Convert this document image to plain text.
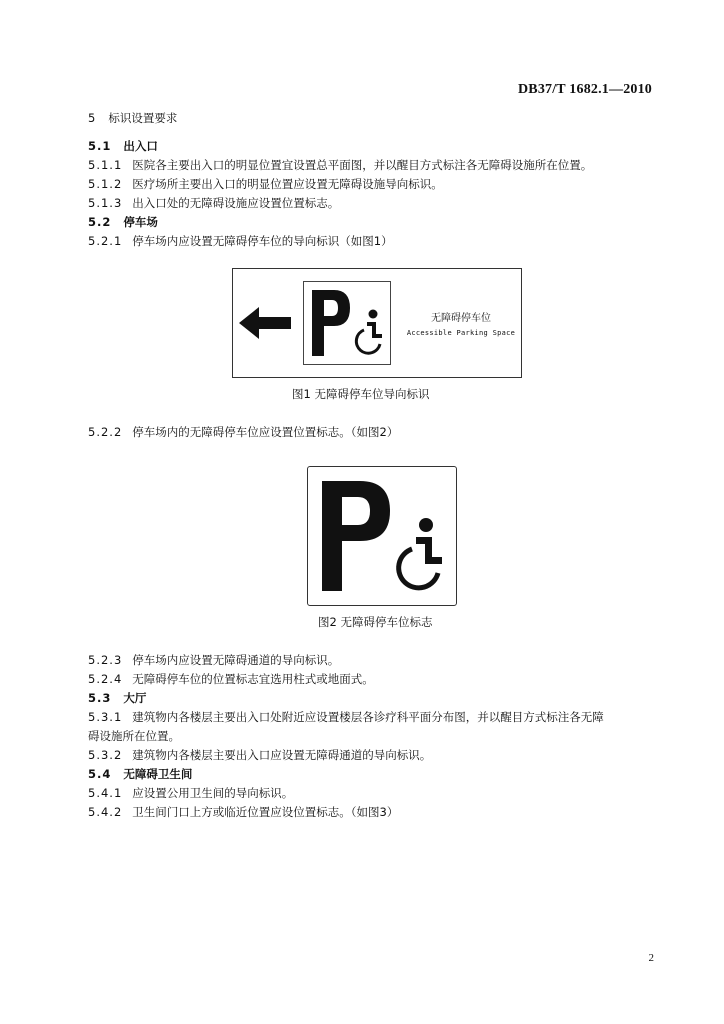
DB37/T 1682.1—2010
5 标识设置要求
5.1 出入口
5.1.1 医院各主要出入口的明显位置宜设置总平面图，并以醒目方式标注各无障碍设施所在位置。
5.1.2 医疗场所主要出入口的明显位置应设置无障碍设施导向标识。
5.1.3 出入口处的无障碍设施应设置位置标志。
5.2 停车场
5.2.1 停车场内应设置无障碍停车位的导向标识（如图1）
无障碍停车位
Accessible Parking Space
图1 无障碍停车位导向标识
5.2.2 停车场内的无障碍停车位应设置位置标志。（如图2）
图2 无障碍停车位标志
5.2.3 停车场内应设置无障碍通道的导向标识。
5.2.4 无障碍停车位的位置标志宜选用柱式或地面式。
5.3 大厅
5.3.1 建筑物内各楼层主要出入口处附近应设置楼层各诊疗科平面分布图，并以醒目方式标注各无障
碍设施所在位置。
5.3.2 建筑物内各楼层主要出入口应设置无障碍通道的导向标识。
5.4 无障碍卫生间
5.4.1 应设置公用卫生间的导向标识。
5.4.2 卫生间门口上方或临近位置应设位置标志。（如图3）
2
